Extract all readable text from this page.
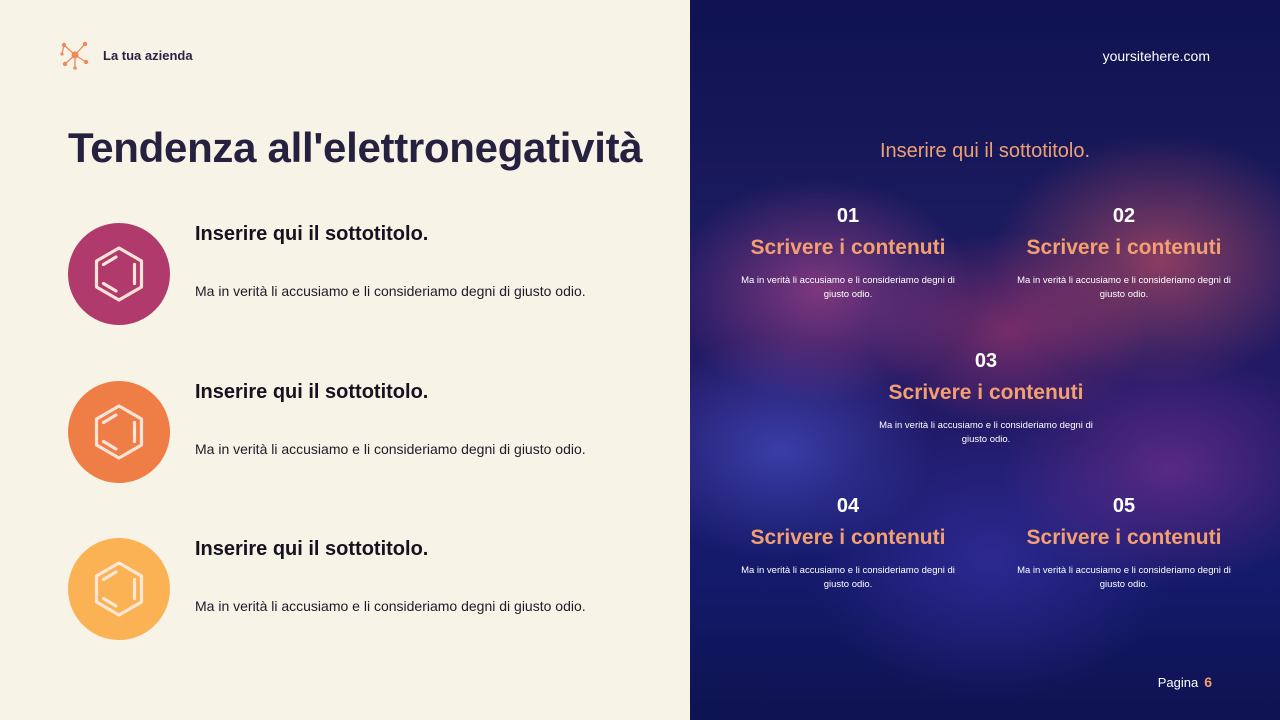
La tua azienda
Tendenza all'elettronegatività
Inserire qui il sottotitolo.
Ma in verità li accusiamo e li consideriamo degni di giusto odio.
Inserire qui il sottotitolo.
Ma in verità li accusiamo e li consideriamo degni di giusto odio.
Inserire qui il sottotitolo.
Ma in verità li accusiamo e li consideriamo degni di giusto odio.
yoursitehere.com
Inserire qui il sottotitolo.
01
Scrivere i contenuti
Ma in verità li accusiamo e li consideriamo degni di giusto odio.
02
Scrivere i contenuti
Ma in verità li accusiamo e li consideriamo degni di giusto odio.
03
Scrivere i contenuti
Ma in verità li accusiamo e li consideriamo degni di giusto odio.
04
Scrivere i contenuti
Ma in verità li accusiamo e li consideriamo degni di giusto odio.
05
Scrivere i contenuti
Ma in verità li accusiamo e li consideriamo degni di giusto odio.
Pagina 6
